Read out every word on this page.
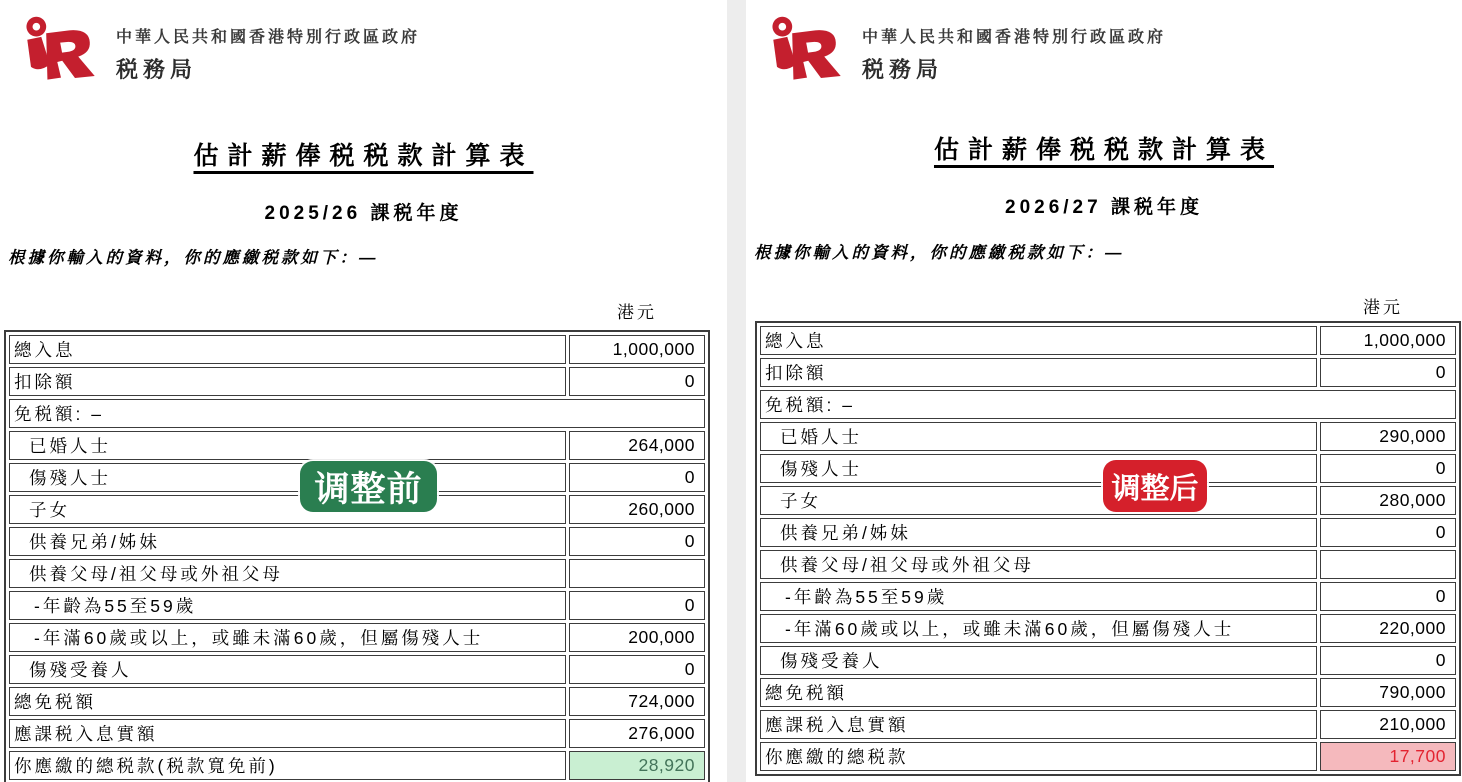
中華人民共和國香港特別行政區政府
税務局
估計薪俸税税款計算表
2025/26 課税年度
根據你輸入的資料，你的應繳税款如下：—
港元
總入息	1,000,000
扣除額	0
免税額: –	
已婚人士	264,000
傷殘人士	0
子女	260,000
供養兄弟/姊妹	0
供養父母/祖父母或外祖父母	
-年齡為55至59歲	0
-年滿60歲或以上，或雖未滿60歲，但屬傷殘人士	200,000
傷殘受養人	0
總免税額	724,000
應課税入息實額	276,000
你應繳的總税款(税款寬免前)	28,920
调整前
中華人民共和國香港特別行政區政府
税務局
估計薪俸税税款計算表
2026/27 課税年度
根據你輸入的資料，你的應繳税款如下：—
港元
總入息	1,000,000
扣除額	0
免税額: –	
已婚人士	290,000
傷殘人士	0
子女	280,000
供養兄弟/姊妹	0
供養父母/祖父母或外祖父母	
-年齡為55至59歲	0
-年滿60歲或以上，或雖未滿60歲，但屬傷殘人士	220,000
傷殘受養人	0
總免税額	790,000
應課税入息實額	210,000
你應繳的總税款	17,700
调整后
